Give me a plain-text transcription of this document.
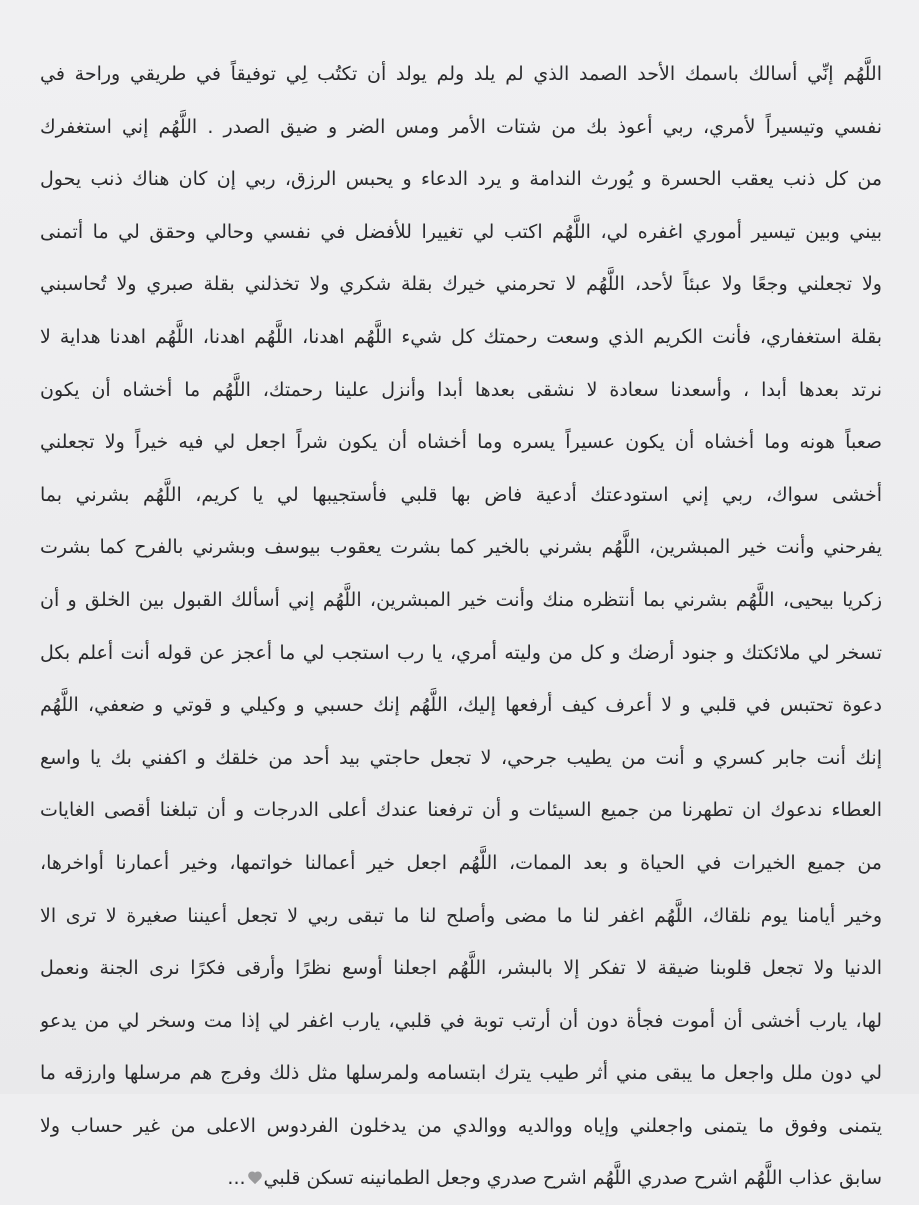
اللَّهُم إنِّي أسالك باسمك الأحد الصمد الذي لم يلد ولم يولد أن تكتُب لِي توفيقاً في طريقي وراحة في
نفسي وتيسيراً لأمري، ربي أعوذ بك من شتات الأمر ومس الضر و ضيق الصدر . اللَّهُم إني استغفرك
من كل ذنب يعقب الحسرة و يُورث الندامة و يرد الدعاء و يحبس الرزق، ربي إن كان هناك ذنب يحول
بيني وبين تيسير أموري اغفره لي، اللَّهُم اكتب لي تغييرا للأفضل في نفسي وحالي وحقق لي ما أتمنى
ولا تجعلني وجعًا ولا عبئاً لأحد، اللَّهُم لا تحرمني خيرك بقلة شكري ولا تخذلني بقلة صبري ولا تُحاسبني
بقلة استغفاري، فأنت الكريم الذي وسعت رحمتك كل شيء اللَّهُم اهدنا، اللَّهُم اهدنا، اللَّهُم اهدنا هداية لا
نرتد بعدها أبدا ، وأسعدنا سعادة لا نشقى بعدها أبدا وأنزل علينا رحمتك، اللَّهُم ما أخشاه أن يكون
صعباً هونه وما أخشاه أن يكون عسيراً يسره وما أخشاه أن يكون شراً اجعل لي فيه خيراً ولا تجعلني
أخشى سواك، ربي إني استودعتك أدعية فاض بها قلبي فأستجيبها لي يا كريم، اللَّهُم بشرني بما
يفرحني وأنت خير المبشرين، اللَّهُم بشرني بالخير كما بشرت يعقوب بيوسف وبشرني بالفرح كما بشرت
زكريا بيحيى، اللَّهُم بشرني بما أنتظره منك وأنت خير المبشرين، اللَّهُم إني أسألك القبول بين الخلق و أن
تسخر لي ملائكتك و جنود أرضك و كل من وليته أمري، يا رب استجب لي ما أعجز عن قوله أنت أعلم بكل
دعوة تحتبس في قلبي و لا أعرف كيف أرفعها إليك، اللَّهُم إنك حسبي و وكيلي و قوتي و ضعفي، اللَّهُم
إنك أنت جابر كسري و أنت من يطيب جرحي، لا تجعل حاجتي بيد أحد من خلقك و اكفني بك يا واسع
العطاء ندعوك ان تطهرنا من جميع السيئات و أن ترفعنا عندك أعلى الدرجات و أن تبلغنا أقصى الغايات
من جميع الخيرات في الحياة و بعد الممات، اللَّهُم اجعل خير أعمالنا خواتمها، وخير أعمارنا أواخرها،
وخير أيامنا يوم نلقاك، اللَّهُم اغفر لنا ما مضى وأصلح لنا ما تبقى ربي لا تجعل أعيننا صغيرة لا ترى الا
الدنيا ولا تجعل قلوبنا ضيقة لا تفكر إلا بالبشر، اللَّهُم اجعلنا أوسع نظرًا وأرقى فكرًا نرى الجنة ونعمل
لها، يارب أخشى أن أموت فجأة دون أن أرتب توبة في قلبي، يارب اغفر لي إذا مت وسخر لي من يدعو
لي دون ملل واجعل ما يبقى مني أثر طيب يترك ابتسامه ولمرسلها مثل ذلك وفرج هم مرسلها وارزقه ما
يتمنى وفوق ما يتمنى واجعلني وإياه ووالديه ووالدي من يدخلون الفردوس الاعلى من غير حساب ولا
سابق عذاب اللَّهُم اشرح صدري اللَّهُم اشرح صدري وجعل الطمانينه تسكن قلبي...
